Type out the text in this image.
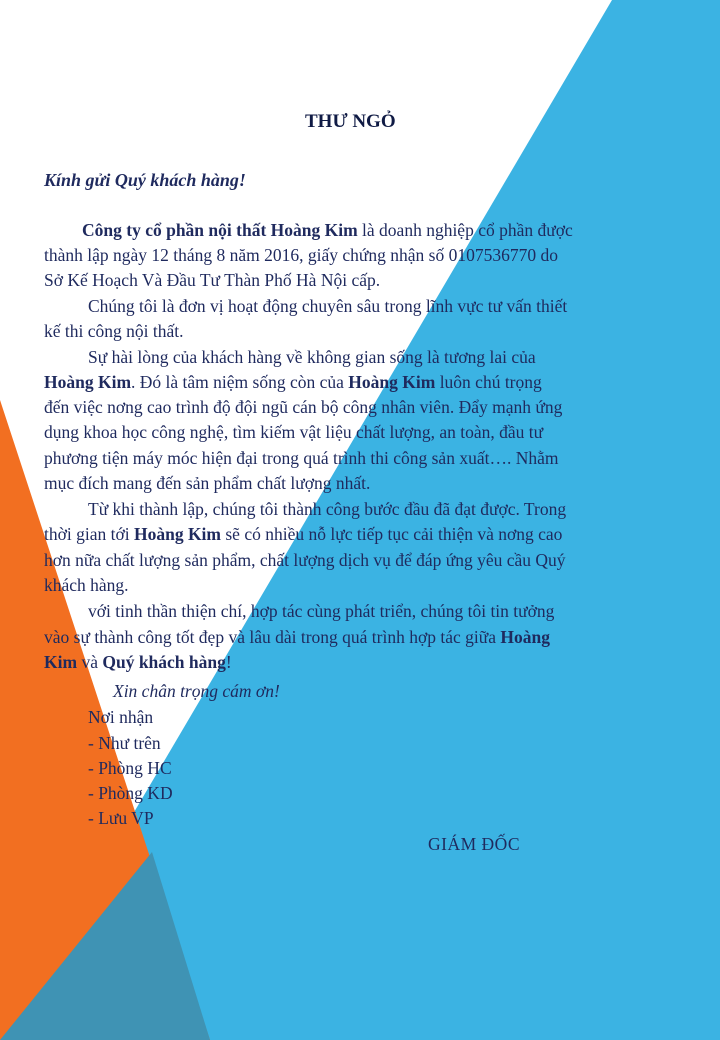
THƯ NGỎ
Kính gửi Quý khách hàng!
Công ty cổ phần nội thất Hoàng Kim là doanh nghiệp cổ phần được
thành lập ngày 12 tháng 8 năm 2016, giấy chứng nhận số 0107536770 do
Sở Kế Hoạch Và Đầu Tư Thàn Phố Hà Nội cấp.
Chúng tôi là đơn vị hoạt động chuyên sâu trong lĩnh vực tư vấn thiết
kế thi công nội thất.
Sự hài lòng của khách hàng về không gian sống là tương lai của
Hoàng Kim. Đó là tâm niệm sống còn của Hoàng Kim luôn chú trọng
đến việc nơng cao trình độ đội ngũ cán bộ công nhân viên. Đẩy mạnh ứng
dụng khoa học công nghệ, tìm kiếm vật liệu chất lượng, an toàn, đầu tư
phương tiện máy móc hiện đại trong quá trình thi công sản xuất…. Nhằm
mục đích mang đến sản phẩm chất lượng nhất.
Từ khi thành lập, chúng tôi thành công bước đầu đã đạt được. Trong
thời gian tới Hoàng Kim sẽ có nhiều nỗ lực tiếp tục cải thiện và nơng cao
hơn nữa chất lượng sản phẩm, chất lượng dịch vụ để đáp ứng yêu cầu Quý
khách hàng.
với tinh thần thiện chí, hợp tác cùng phát triển, chúng tôi tin tưởng
vào sự thành công tốt đẹp và lâu dài trong quá trình hợp tác giữa Hoàng
Kim và Quý khách hàng!
Xin chân trọng cám ơn!
Nơi nhận
- Như trên
- Phòng HC
- Phòng KD
- Lưu VP
GIÁM ĐỐC
